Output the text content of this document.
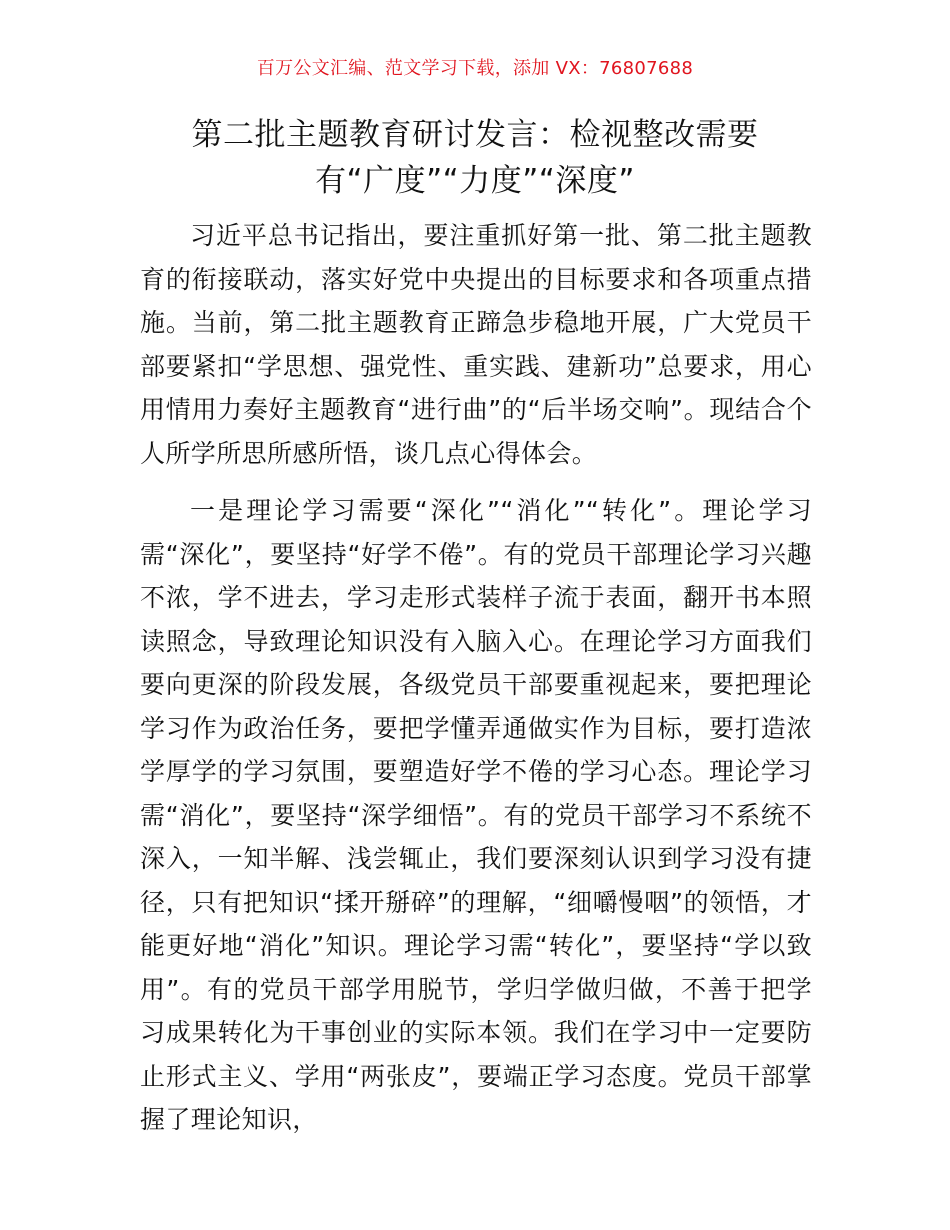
百万公文汇编、范文学习下载，添加 VX：76807688
第二批主题教育研讨发言：检视整改需要
有“广度”“力度”“深度”

习近平总书记指出，要注重抓好第一批、第二批主题教育的衔接联动，落实好党中央提出的目标要求和各项重点措施。当前，第二批主题教育正蹄急步稳地开展，广大党员干部要紧扣“学思想、强党性、重实践、建新功”总要求，用心用情用力奏好主题教育“进行曲”的“后半场交响”。现结合个人所学所思所感所悟，谈几点心得体会。

一是理论学习需要“深化”“消化”“转化”。理论学习需“深化”，要坚持“好学不倦”。有的党员干部理论学习兴趣不浓，学不进去，学习走形式装样子流于表面，翻开书本照读照念，导致理论知识没有入脑入心。在理论学习方面我们要向更深的阶段发展，各级党员干部要重视起来，要把理论学习作为政治任务，要把学懂弄通做实作为目标，要打造浓学厚学的学习氛围，要塑造好学不倦的学习心态。理论学习需“消化”，要坚持“深学细悟”。有的党员干部学习不系统不深入，一知半解、浅尝辄止，我们要深刻认识到学习没有捷径，只有把知识“揉开掰碎”的理解，“细嚼慢咽”的领悟，才能更好地“消化”知识。理论学习需“转化”，要坚持“学以致用”。有的党员干部学用脱节，学归学做归做，不善于把学习成果转化为干事创业的实际本领。我们在学习中一定要防止形式主义、学用“两张皮”，要端正学习态度。党员干部掌握了理论知识，
